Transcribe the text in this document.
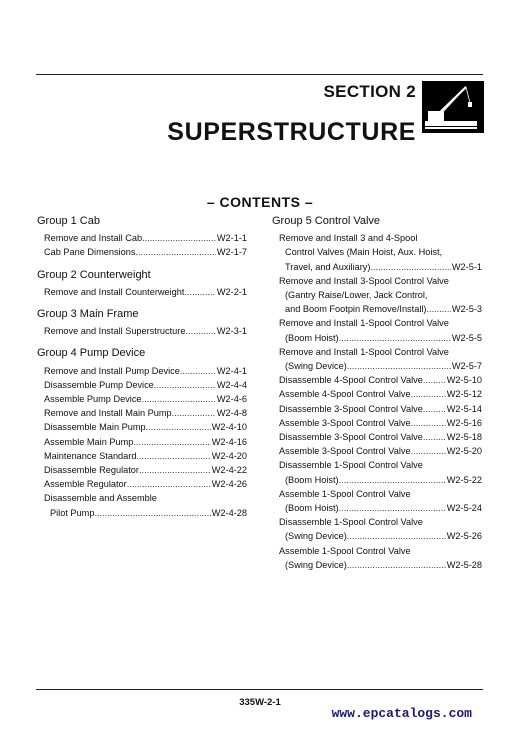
SECTION 2
SUPERSTRUCTURE
– CONTENTS –
Group 1 Cab
Remove and Install Cab .....	W2-1-1
Cab Pane Dimensions .....	W2-1-7
Group 2 Counterweight
Remove and Install Counterweight .....	W2-2-1
Group 3 Main Frame
Remove and Install Superstructure .....	W2-3-1
Group 4 Pump Device
Remove and Install Pump Device .....	W2-4-1
Disassemble Pump Device .....	W2-4-4
Assemble Pump Device .....	W2-4-6
Remove and Install Main Pump .....	W2-4-8
Disassemble Main Pump .....	W2-4-10
Assemble Main Pump .....	W2-4-16
Maintenance Standard .....	W2-4-20
Disassemble Regulator .....	W2-4-22
Assemble Regulator .....	W2-4-26
Disassemble and Assemble
Pilot Pump .....	W2-4-28
Group 5 Control Valve
Remove and Install 3 and 4-Spool
Control Valves (Main Hoist, Aux. Hoist,
Travel, and Auxiliary) .....	W2-5-1
Remove and Install 3-Spool Control Valve
(Gantry Raise/Lower, Jack Control,
and Boom Footpin Remove/Install) .....	W2-5-3
Remove and Install 1-Spool Control Valve
(Boom Hoist) .....	W2-5-5
Remove and Install 1-Spool Control Valve
(Swing Device) .....	W2-5-7
Disassemble 4-Spool Control Valve .....	W2-5-10
Assemble 4-Spool Control Valve .....	W2-5-12
Disassemble 3-Spool Control Valve .....	W2-5-14
Assemble 3-Spool Control Valve .....	W2-5-16
Disassemble 3-Spool Control Valve .....	W2-5-18
Assemble 3-Spool Control Valve .....	W2-5-20
Disassemble 1-Spool Control Valve
(Boom Hoist) .....	W2-5-22
Assemble 1-Spool Control Valve
(Boom Hoist) .....	W2-5-24
Disassemble 1-Spool Control Valve
(Swing Device) .....	W2-5-26
Assemble 1-Spool Control Valve
(Swing Device) .....	W2-5-28
335W-2-1
www.epcatalogs.com
